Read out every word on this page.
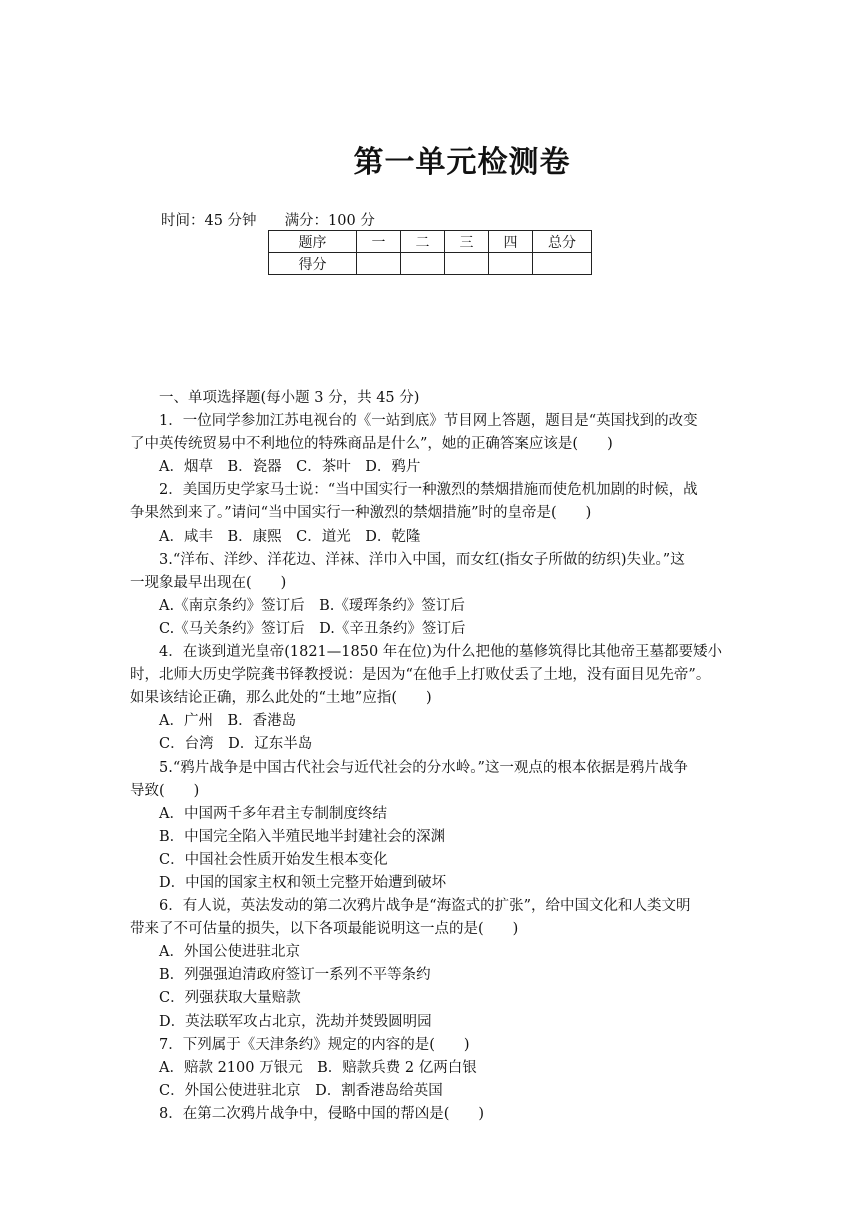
第一单元检测卷
时间：45 分钟 满分：100 分
题序	一	二	三	四	总分
得分					
一、单项选择题(每小题 3 分，共 45 分)
1．一位同学参加江苏电视台的《一站到底》节目网上答题，题目是“英国找到的改变
了中英传统贸易中不利地位的特殊商品是什么”，她的正确答案应该是(　　)
A．烟草　B．瓷器　C．茶叶　D．鸦片
2．美国历史学家马士说：“当中国实行一种激烈的禁烟措施而使危机加剧的时候，战
争果然到来了。”请问“当中国实行一种激烈的禁烟措施”时的皇帝是(　　)
A．咸丰　B．康熙　C．道光　D．乾隆
3.“洋布、洋纱、洋花边、洋袜、洋巾入中国，而女红(指女子所做的纺织)失业。”这
一现象最早出现在(　　)
A.《南京条约》签订后　B.《瑷珲条约》签订后
C.《马关条约》签订后　D.《辛丑条约》签订后
4．在谈到道光皇帝(1821—1850 年在位)为什么把他的墓修筑得比其他帝王墓都要矮小
时，北师大历史学院龚书铎教授说：是因为“在他手上打败仗丢了土地，没有面目见先帝”。
如果该结论正确，那么此处的“土地”应指(　　)
A．广州　B．香港岛
C．台湾　D．辽东半岛
5.“鸦片战争是中国古代社会与近代社会的分水岭。”这一观点的根本依据是鸦片战争
导致(　　)
A．中国两千多年君主专制制度终结
B．中国完全陷入半殖民地半封建社会的深渊
C．中国社会性质开始发生根本变化
D．中国的国家主权和领土完整开始遭到破坏
6．有人说，英法发动的第二次鸦片战争是“海盗式的扩张”，给中国文化和人类文明
带来了不可估量的损失，以下各项最能说明这一点的是(　　)
A．外国公使进驻北京
B．列强强迫清政府签订一系列不平等条约
C．列强获取大量赔款
D．英法联军攻占北京，洗劫并焚毁圆明园
7．下列属于《天津条约》规定的内容的是(　　)
A．赔款 2100 万银元　B．赔款兵费 2 亿两白银
C．外国公使进驻北京　D．割香港岛给英国
8．在第二次鸦片战争中，侵略中国的帮凶是(　　)
